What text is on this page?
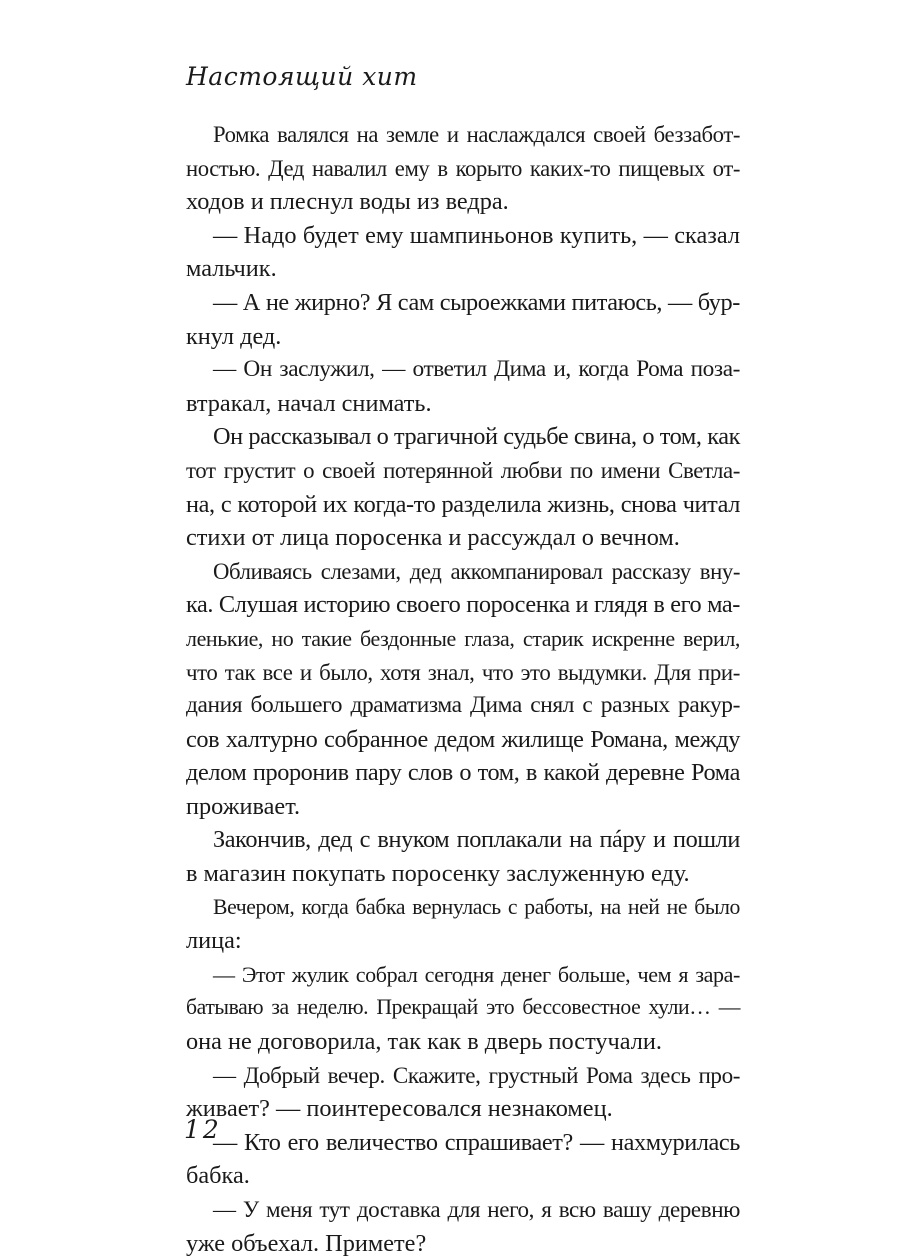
Настоящий хит
Ромка валялся на земле и наслаждался своей беззабот-
ностью. Дед навалил ему в корыто каких-то пищевых от-
ходов и плеснул воды из ведра.
— Надо будет ему шампиньонов купить, — сказал
мальчик.
— А не жирно? Я сам сыроежками питаюсь, — бур-
кнул дед.
— Он заслужил, — ответил Дима и, когда Рома поза-
втракал, начал снимать.
Он рассказывал о трагичной судьбе свина, о том, как
тот грустит о своей потерянной любви по имени Светла-
на, с которой их когда-то разделила жизнь, снова читал
стихи от лица поросенка и рассуждал о вечном.
Обливаясь слезами, дед аккомпанировал рассказу вну-
ка. Слушая историю своего поросенка и глядя в его ма-
ленькие, но такие бездонные глаза, старик искренне верил,
что так все и было, хотя знал, что это выдумки. Для при-
дания большего драматизма Дима снял с разных ракур-
сов халтурно собранное дедом жилище Романа, между
делом проронив пару слов о том, в какой деревне Рома
проживает.
Закончив, дед с внуком поплакали на пáру и пошли
в магазин покупать поросенку заслуженную еду.
Вечером, когда бабка вернулась с работы, на ней не было
лица:
— Этот жулик собрал сегодня денег больше, чем я зара-
батываю за неделю. Прекращай это бессовестное хули… —
она не договорила, так как в дверь постучали.
— Добрый вечер. Скажите, грустный Рома здесь про-
живает? — поинтересовался незнакомец.
— Кто его величество спрашивает? — нахмурилась
бабка.
— У меня тут доставка для него, я всю вашу деревню
уже объехал. Примете?
12
